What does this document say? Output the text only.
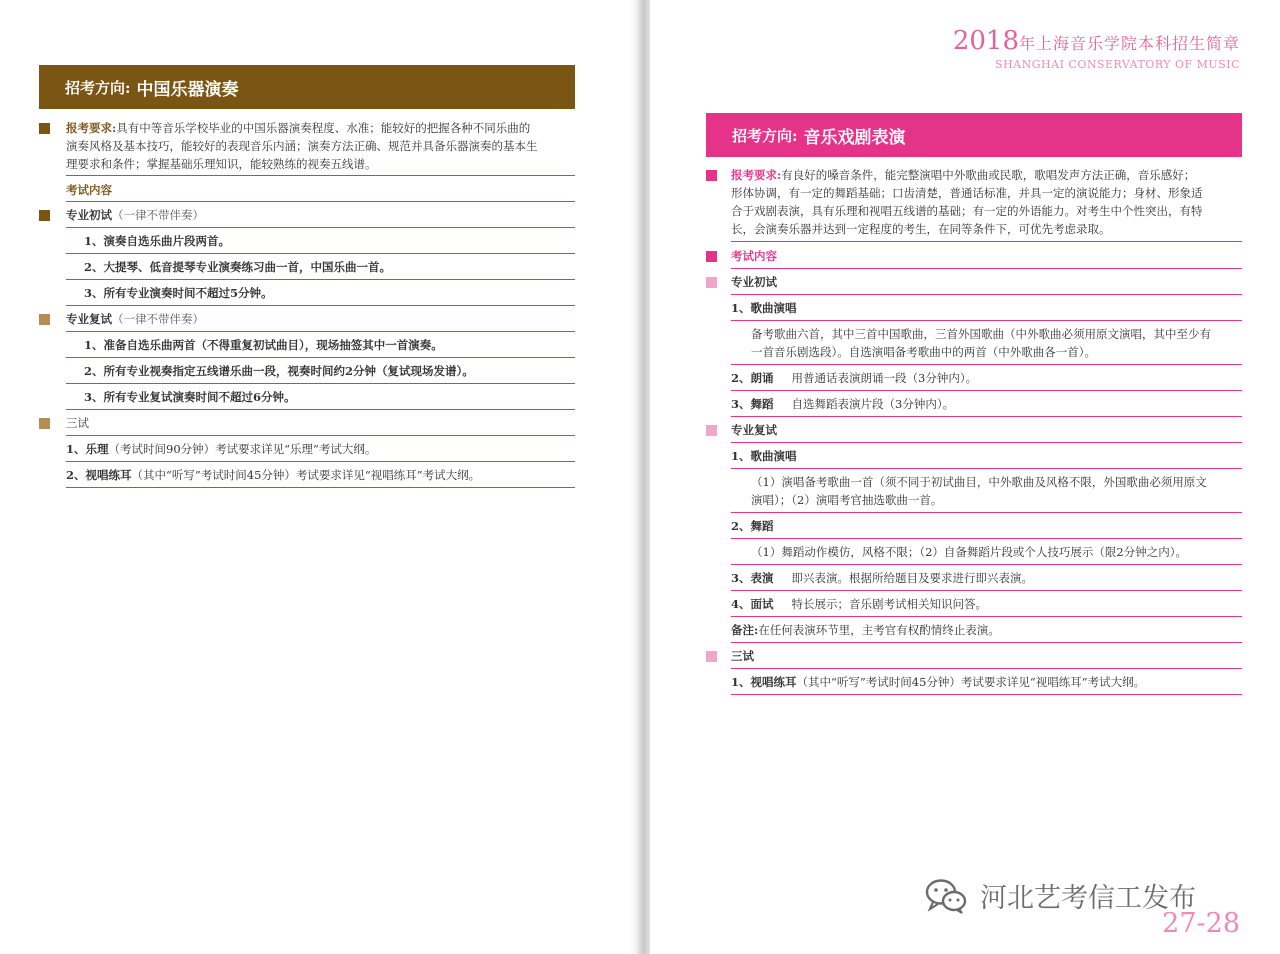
2018年上海音乐学院本科招生简章
SHANGHAI CONSERVATORY OF MUSIC
招考方向: 中国乐器演奏
报考要求:具有中等音乐学校毕业的中国乐器演奏程度、水准；能较好的把握各种不同乐曲的
演奏风格及基本技巧，能较好的表现音乐内涵；演奏方法正确、规范并具备乐器演奏的基本生
理要求和条件；掌握基础乐理知识，能较熟练的视奏五线谱。
考试内容
专业初试（一律不带伴奏）
1、演奏自选乐曲片段两首。
2、大提琴、低音提琴专业演奏练习曲一首，中国乐曲一首。
3、所有专业演奏时间不超过5分钟。
专业复试（一律不带伴奏）
1、准备自选乐曲两首（不得重复初试曲目），现场抽签其中一首演奏。
2、所有专业视奏指定五线谱乐曲一段，视奏时间约2分钟（复试现场发谱）。
3、所有专业复试演奏时间不超过6分钟。
三试
1、乐理（考试时间90分钟）考试要求详见“乐理”考试大纲。
2、视唱练耳（其中“听写”考试时间45分钟）考试要求详见“视唱练耳”考试大纲。
招考方向: 音乐戏剧表演
报考要求:有良好的嗓音条件，能完整演唱中外歌曲或民歌，歌唱发声方法正确，音乐感好；
形体协调，有一定的舞蹈基础；口齿清楚，普通话标准，并具一定的演说能力；身材、形象适
合于戏剧表演，具有乐理和视唱五线谱的基础；有一定的外语能力。对考生中个性突出，有特
长，会演奏乐器并达到一定程度的考生，在同等条件下，可优先考虑录取。
考试内容
专业初试
1、歌曲演唱
备考歌曲六首，其中三首中国歌曲，三首外国歌曲（中外歌曲必须用原文演唱，其中至少有
一首音乐剧选段）。自选演唱备考歌曲中的两首（中外歌曲各一首）。
2、朗诵 用普通话表演朗诵一段（3分钟内）。
3、舞蹈 自选舞蹈表演片段（3分钟内）。
专业复试
1、歌曲演唱
（1）演唱备考歌曲一首（须不同于初试曲目，中外歌曲及风格不限，外国歌曲必须用原文
演唱）；（2）演唱考官抽选歌曲一首。
2、舞蹈
（1）舞蹈动作模仿，风格不限；（2）自备舞蹈片段或个人技巧展示（限2分钟之内）。
3、表演 即兴表演。根据所给题目及要求进行即兴表演。
4、面试 特长展示；音乐剧考试相关知识问答。
备注:在任何表演环节里，主考官有权酌情终止表演。
三试
1、视唱练耳（其中“听写”考试时间45分钟）考试要求详见“视唱练耳”考试大纲。
河北艺考信工发布
27-28
